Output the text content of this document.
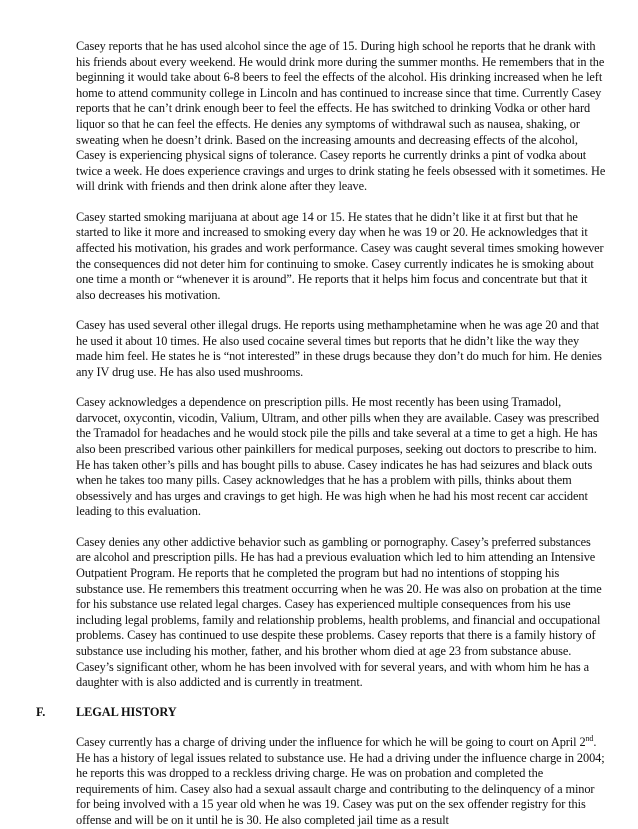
Casey reports that he has used alcohol since the age of 15. During high school he reports that he drank with his friends about every weekend. He would drink more during the summer months. He remembers that in the beginning it would take about 6-8 beers to feel the effects of the alcohol. His drinking increased when he left home to attend community college in Lincoln and has continued to increase since that time. Currently Casey reports that he can’t drink enough beer to feel the effects. He has switched to drinking Vodka or other hard liquor so that he can feel the effects. He denies any symptoms of withdrawal such as nausea, shaking, or sweating when he doesn’t drink. Based on the increasing amounts and decreasing effects of the alcohol, Casey is experiencing physical signs of tolerance. Casey reports he currently drinks a pint of vodka about twice a week. He does experience cravings and urges to drink stating he feels obsessed with it sometimes. He will drink with friends and then drink alone after they leave.

Casey started smoking marijuana at about age 14 or 15. He states that he didn’t like it at first but that he started to like it more and increased to smoking every day when he was 19 or 20. He acknowledges that it affected his motivation, his grades and work performance. Casey was caught several times smoking however the consequences did not deter him for continuing to smoke. Casey currently indicates he is smoking about one time a month or “whenever it is around”. He reports that it helps him focus and concentrate but that it also decreases his motivation.

Casey has used several other illegal drugs. He reports using methamphetamine when he was age 20 and that he used it about 10 times. He also used cocaine several times but reports that he didn’t like the way they made him feel. He states he is “not interested” in these drugs because they don’t do much for him. He denies any IV drug use. He has also used mushrooms.

Casey acknowledges a dependence on prescription pills. He most recently has been using Tramadol, darvocet, oxycontin, vicodin, Valium, Ultram, and other pills when they are available. Casey was prescribed the Tramadol for headaches and he would stock pile the pills and take several at a time to get a high. He has also been prescribed various other painkillers for medical purposes, seeking out doctors to prescribe to him. He has taken other’s pills and has bought pills to abuse. Casey indicates he has had seizures and black outs when he takes too many pills. Casey acknowledges that he has a problem with pills, thinks about them obsessively and has urges and cravings to get high. He was high when he had his most recent car accident leading to this evaluation.

Casey denies any other addictive behavior such as gambling or pornography. Casey’s preferred substances are alcohol and prescription pills. He has had a previous evaluation which led to him attending an Intensive Outpatient Program. He reports that he completed the program but had no intentions of stopping his substance use. He remembers this treatment occurring when he was 20. He was also on probation at the time for his substance use related legal charges. Casey has experienced multiple consequences from his use including legal problems, family and relationship problems, health problems, and financial and occupational problems. Casey has continued to use despite these problems. Casey reports that there is a family history of substance use including his mother, father, and his brother whom died at age 23 from substance abuse. Casey’s significant other, whom he has been involved with for several years, and with whom him he has a daughter with is also addicted and is currently in treatment.

F. LEGAL HISTORY

Casey currently has a charge of driving under the influence for which he will be going to court on April 2nd. He has a history of legal issues related to substance use. He had a driving under the influence charge in 2004; he reports this was dropped to a reckless driving charge. He was on probation and completed the requirements of him. Casey also had a sexual assault charge and contributing to the delinquency of a minor for being involved with a 15 year old when he was 19. Casey was put on the sex offender registry for this offense and will be on it until he is 30. He also completed jail time as a result
